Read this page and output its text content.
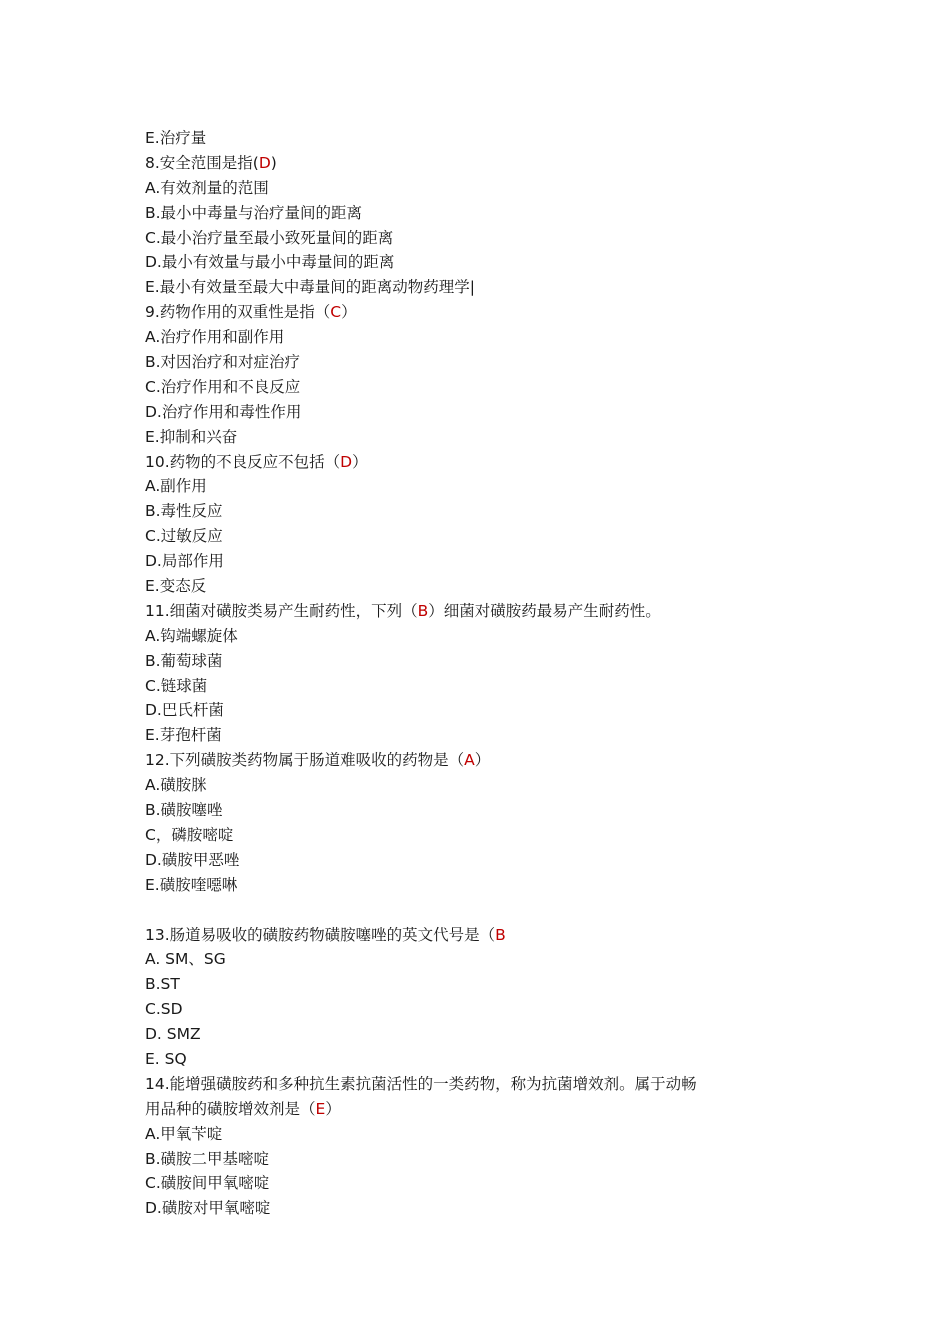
E.治疗量
8.安全范围是指(D)
A.有效剂量的范围
B.最小中毒量与治疗量间的距离
C.最小治疗量至最小致死量间的距离
D.最小有效量与最小中毒量间的距离
E.最小有效量至最大中毒量间的距离动物药理学|
9.药物作用的双重性是指（C）
A.治疗作用和副作用
B.对因治疗和对症治疗
C.治疗作用和不良反应
D.治疗作用和毒性作用
E.抑制和兴奋
10.药物的不良反应不包括（D）
A.副作用
B.毒性反应
C.过敏反应
D.局部作用
E.变态反
11.细菌对磺胺类易产生耐药性，下列（B）细菌对磺胺药最易产生耐药性。
A.钩端螺旋体
B.葡萄球菌
C.链球菌
D.巴氏杆菌
E.芽孢杆菌
12.下列磺胺类药物属于肠道难吸收的药物是（A）
A.磺胺脒
B.磺胺噻唑
C，磷胺嘧啶
D.磺胺甲恶唑
E.磺胺喹噁啉
13.肠道易吸收的磺胺药物磺胺噻唑的英文代号是（B
A. SM、SG
B.ST
C.SD
D. SMZ
E. SQ
14.能增强磺胺药和多种抗生素抗菌活性的一类药物，称为抗菌增效剂。属于动畅
用品种的磺胺增效剂是（E）
A.甲氧苄啶
B.磺胺二甲基嘧啶
C.磺胺间甲氧嘧啶
D.磺胺对甲氧嘧啶
